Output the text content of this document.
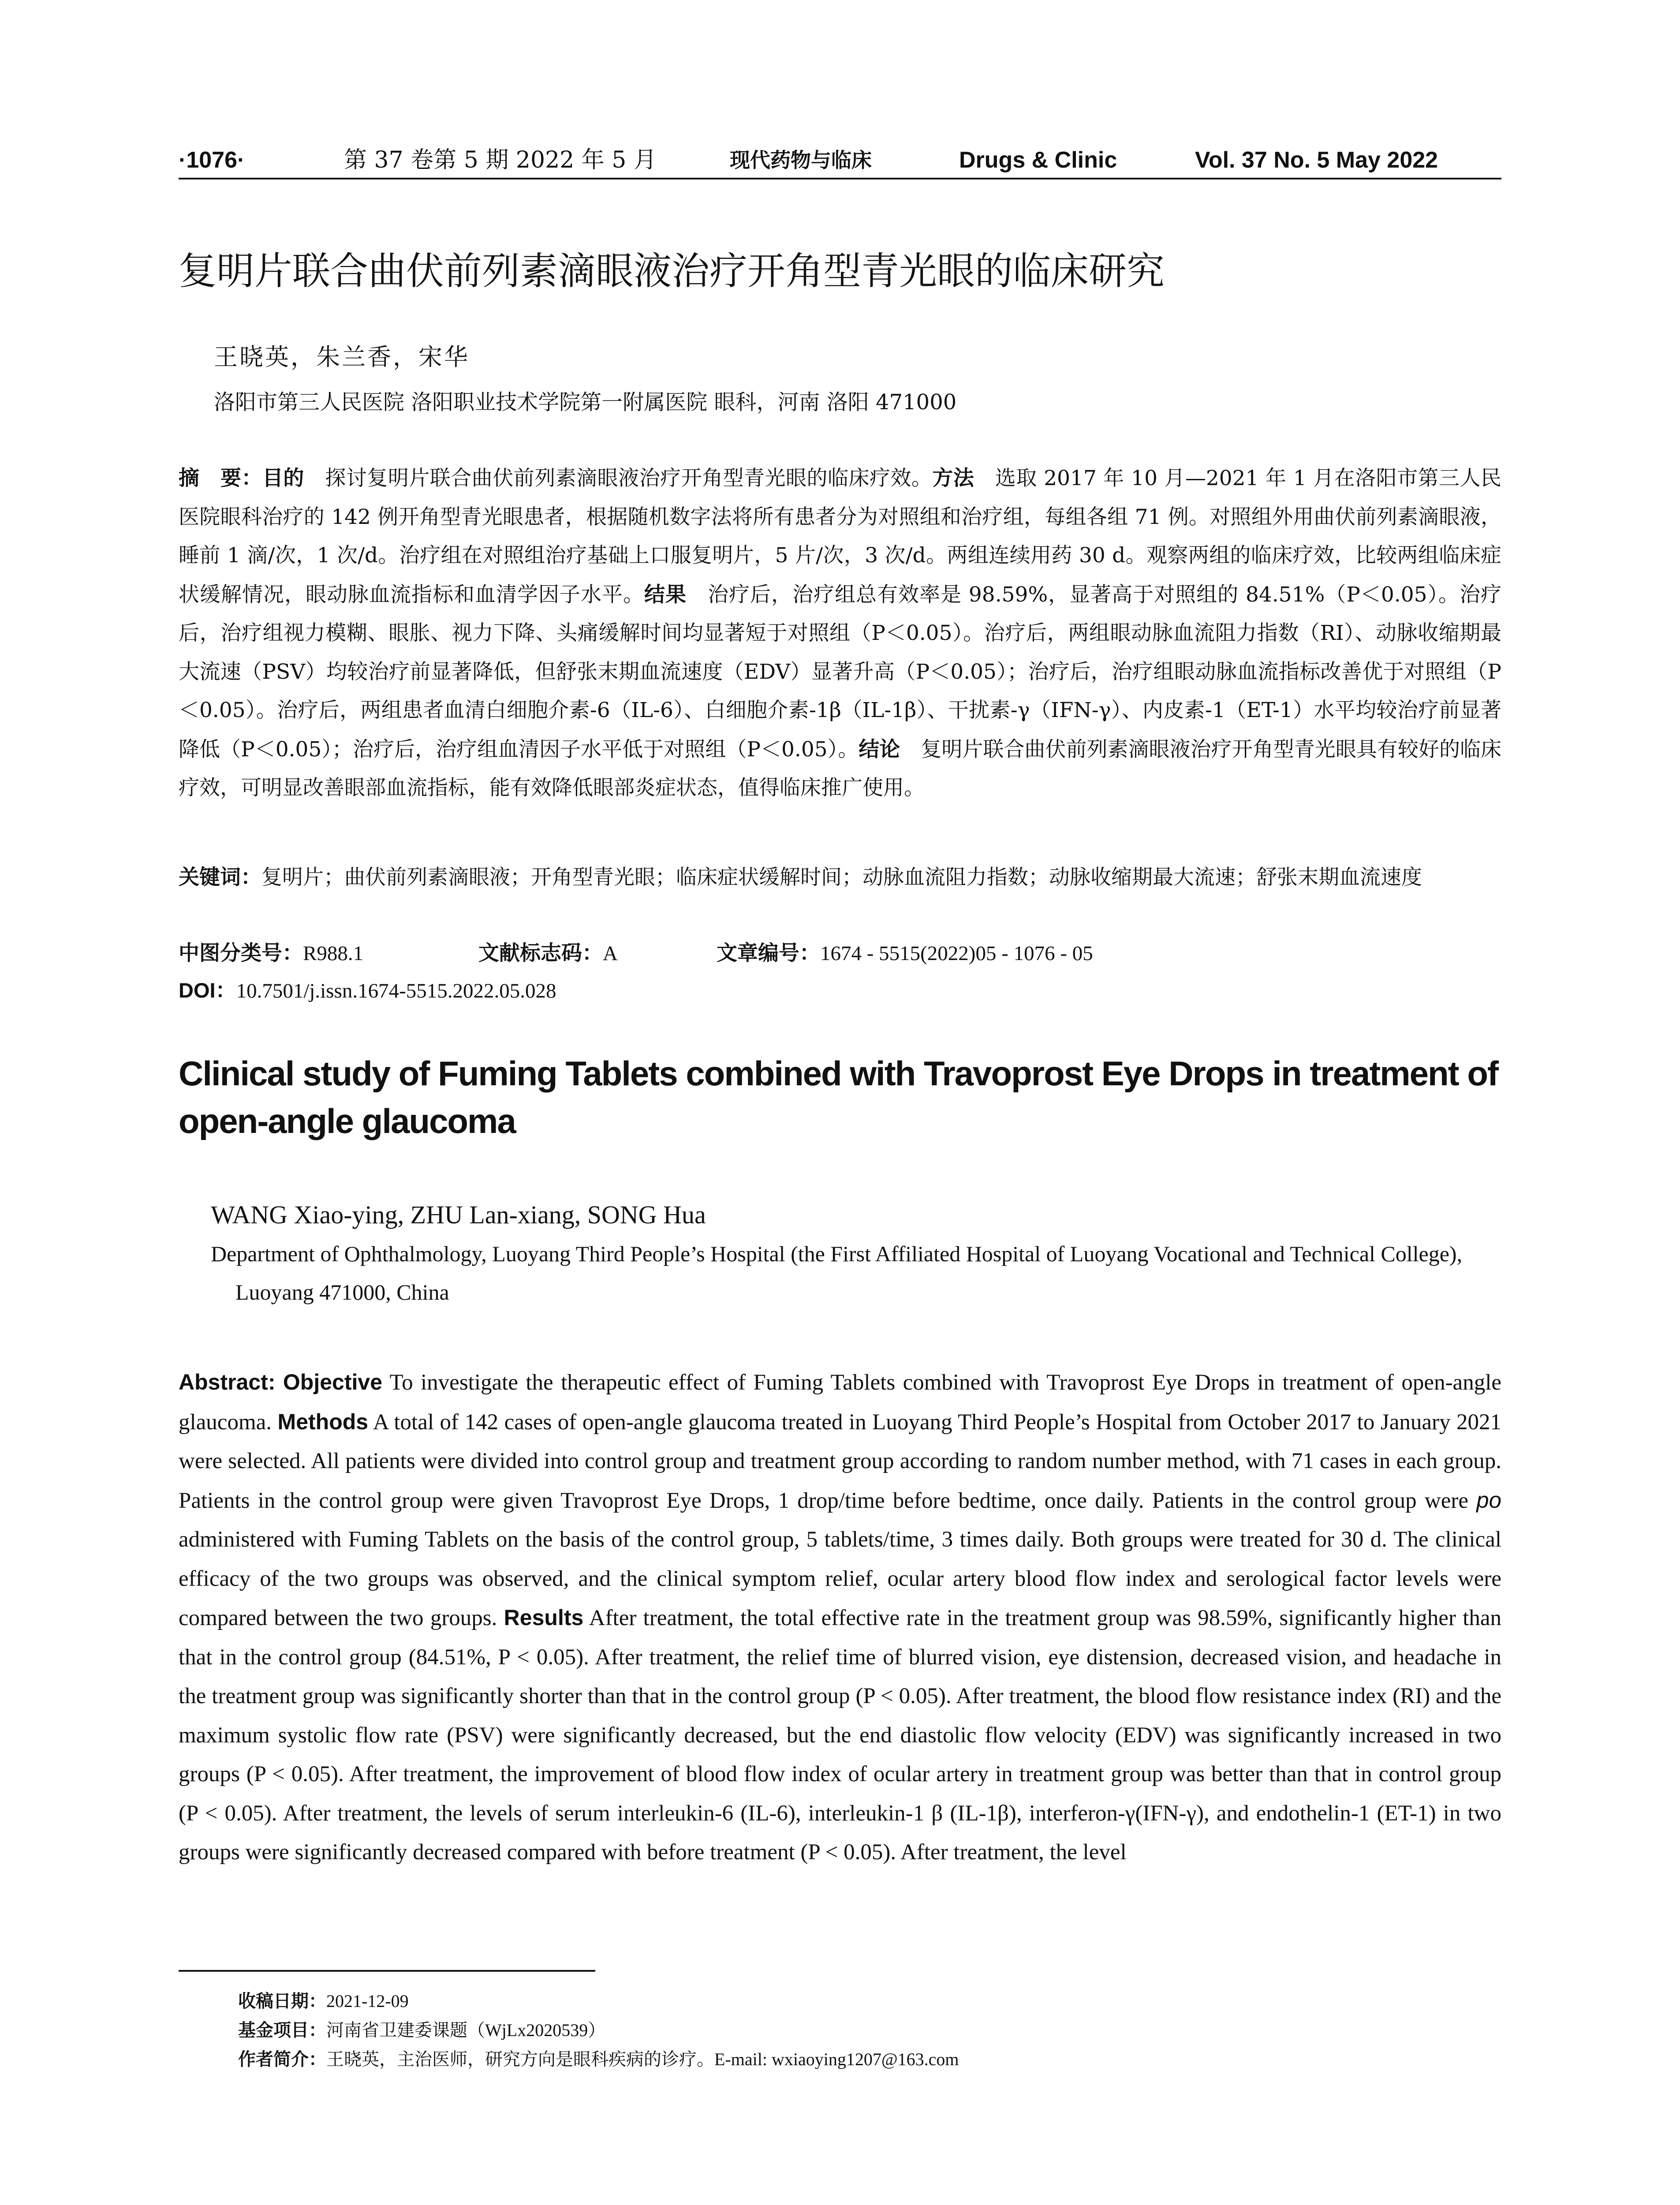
·1076·	第 37 卷第 5 期 2022 年 5 月	现代药物与临床	Drugs & Clinic	Vol. 37 No. 5 May 2022
复明片联合曲伏前列素滴眼液治疗开角型青光眼的临床研究
王晓英，朱兰香，宋华
洛阳市第三人民医院 洛阳职业技术学院第一附属医院 眼科，河南 洛阳 471000
摘　要：目的　探讨复明片联合曲伏前列素滴眼液治疗开角型青光眼的临床疗效。方法　选取 2017 年 10 月—2021 年 1 月在洛阳市第三人民医院眼科治疗的 142 例开角型青光眼患者，根据随机数字法将所有患者分为对照组和治疗组，每组各组 71 例。对照组外用曲伏前列素滴眼液，睡前 1 滴/次，1 次/d。治疗组在对照组治疗基础上口服复明片，5 片/次，3 次/d。两组连续用药 30 d。观察两组的临床疗效，比较两组临床症状缓解情况，眼动脉血流指标和血清学因子水平。结果　治疗后，治疗组总有效率是 98.59%，显著高于对照组的 84.51%（P＜0.05）。治疗后，治疗组视力模糊、眼胀、视力下降、头痛缓解时间均显著短于对照组（P＜0.05）。治疗后，两组眼动脉血流阻力指数（RI）、动脉收缩期最大流速（PSV）均较治疗前显著降低，但舒张末期血流速度（EDV）显著升高（P＜0.05）；治疗后，治疗组眼动脉血流指标改善优于对照组（P＜0.05）。治疗后，两组患者血清白细胞介素-6（IL-6）、白细胞介素-1β（IL-1β）、干扰素-γ（IFN-γ）、内皮素-1（ET-1）水平均较治疗前显著降低（P＜0.05）；治疗后，治疗组血清因子水平低于对照组（P＜0.05）。结论　复明片联合曲伏前列素滴眼液治疗开角型青光眼具有较好的临床疗效，可明显改善眼部血流指标，能有效降低眼部炎症状态，值得临床推广使用。
关键词：复明片；曲伏前列素滴眼液；开角型青光眼；临床症状缓解时间；动脉血流阻力指数；动脉收缩期最大流速；舒张末期血流速度
中图分类号：R988.1	文献标志码：A	文章编号：1674 - 5515(2022)05 - 1076 - 05
DOI：10.7501/j.issn.1674-5515.2022.05.028
Clinical study of Fuming Tablets combined with Travoprost Eye Drops in treatment of open-angle glaucoma
WANG Xiao-ying, ZHU Lan-xiang, SONG Hua
Department of Ophthalmology, Luoyang Third People’s Hospital (the First Affiliated Hospital of Luoyang Vocational and Technical College), Luoyang 471000, China
Abstract: Objective To investigate the therapeutic effect of Fuming Tablets combined with Travoprost Eye Drops in treatment of open-angle glaucoma. Methods A total of 142 cases of open-angle glaucoma treated in Luoyang Third People’s Hospital from October 2017 to January 2021 were selected. All patients were divided into control group and treatment group according to random number method, with 71 cases in each group. Patients in the control group were given Travoprost Eye Drops, 1 drop/time before bedtime, once daily. Patients in the control group were po administered with Fuming Tablets on the basis of the control group, 5 tablets/time, 3 times daily. Both groups were treated for 30 d. The clinical efficacy of the two groups was observed, and the clinical symptom relief, ocular artery blood flow index and serological factor levels were compared between the two groups. Results After treatment, the total effective rate in the treatment group was 98.59%, significantly higher than that in the control group (84.51%, P < 0.05). After treatment, the relief time of blurred vision, eye distension, decreased vision, and headache in the treatment group was significantly shorter than that in the control group (P < 0.05). After treatment, the blood flow resistance index (RI) and the maximum systolic flow rate (PSV) were significantly decreased, but the end diastolic flow velocity (EDV) was significantly increased in two groups (P < 0.05). After treatment, the improvement of blood flow index of ocular artery in treatment group was better than that in control group (P < 0.05). After treatment, the levels of serum interleukin-6 (IL-6), interleukin-1 β (IL-1β), interferon-γ(IFN-γ), and endothelin-1 (ET-1) in two groups were significantly decreased compared with before treatment (P < 0.05). After treatment, the level
收稿日期：2021-12-09
基金项目：河南省卫建委课题（WjLx2020539）
作者简介：王晓英，主治医师，研究方向是眼科疾病的诊疗。E-mail: wxiaoying1207@163.com
